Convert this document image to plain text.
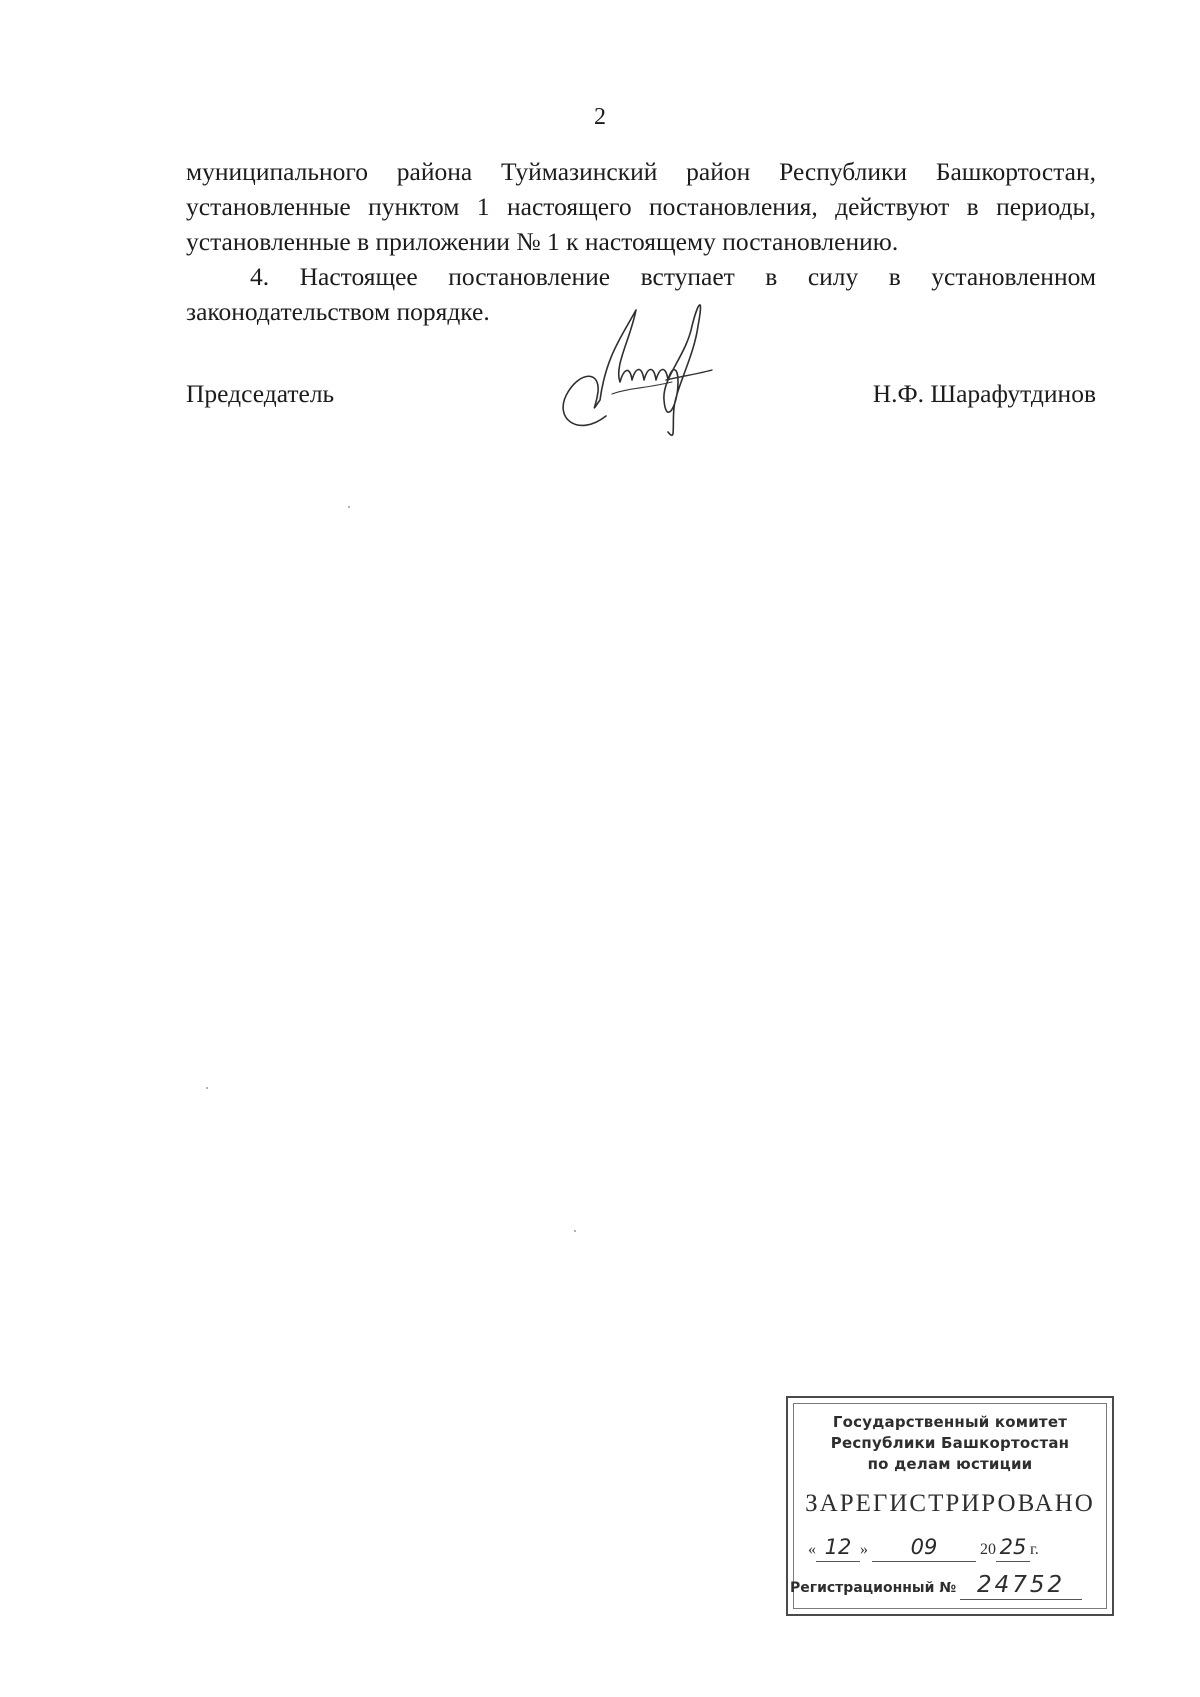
2
муниципального района Туймазинский район Республики Башкортостан,
установленные пунктом 1 настоящего постановления, действуют в периоды,
установленные в приложении № 1 к настоящему постановлению.
4. Настоящее постановление вступает в силу в установленном
законодательством порядке.
Председатель	Н.Ф. Шарафутдинов
Государственный комитет
Республики Башкортостан
по делам юстиции
ЗАРЕГИСТРИРОВАНО
« 12 » 09	20 25 г.
Регистрационный № 24752
